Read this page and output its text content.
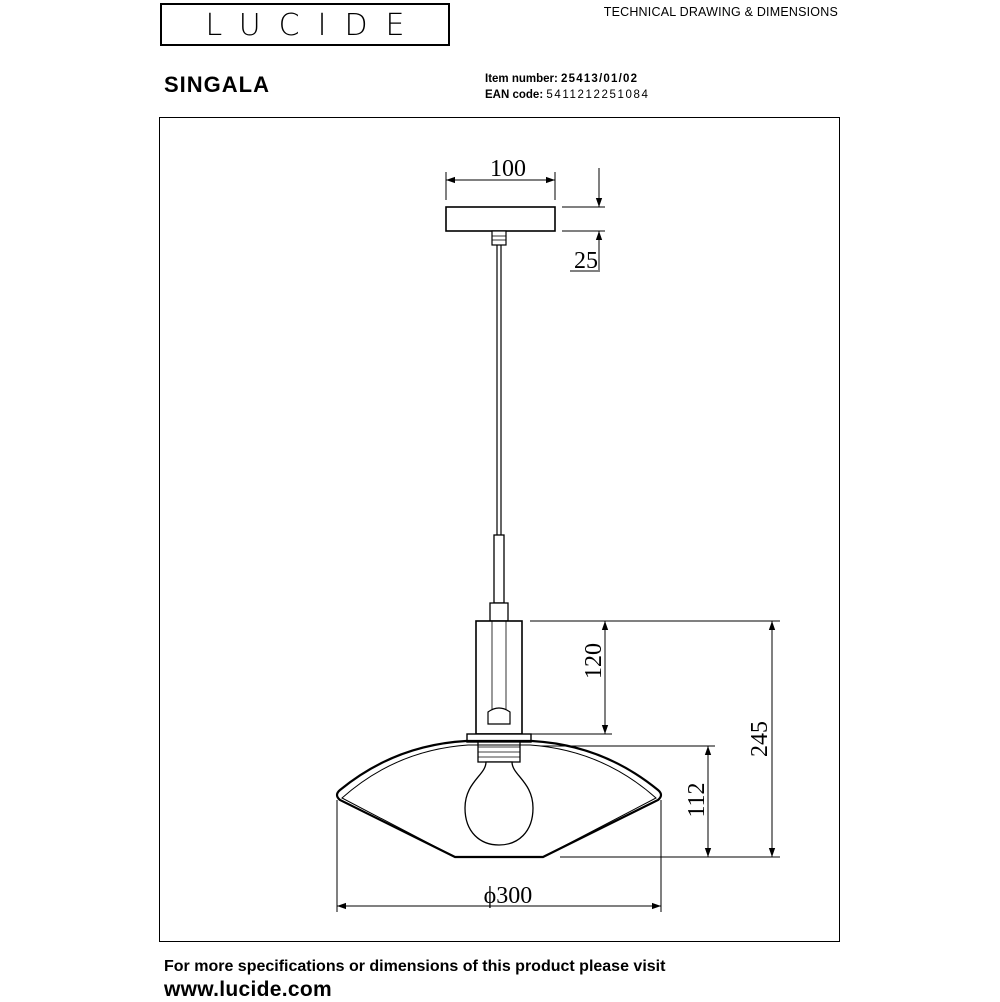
LUCIDE	TECHNICAL DRAWING & DIMENSIONS
SINGALA	Item number: 25413/01/02
EAN code: 5411212251084
100
25
120
245
112
ϕ300
For more specifications or dimensions of this product please visit
www.lucide.com
